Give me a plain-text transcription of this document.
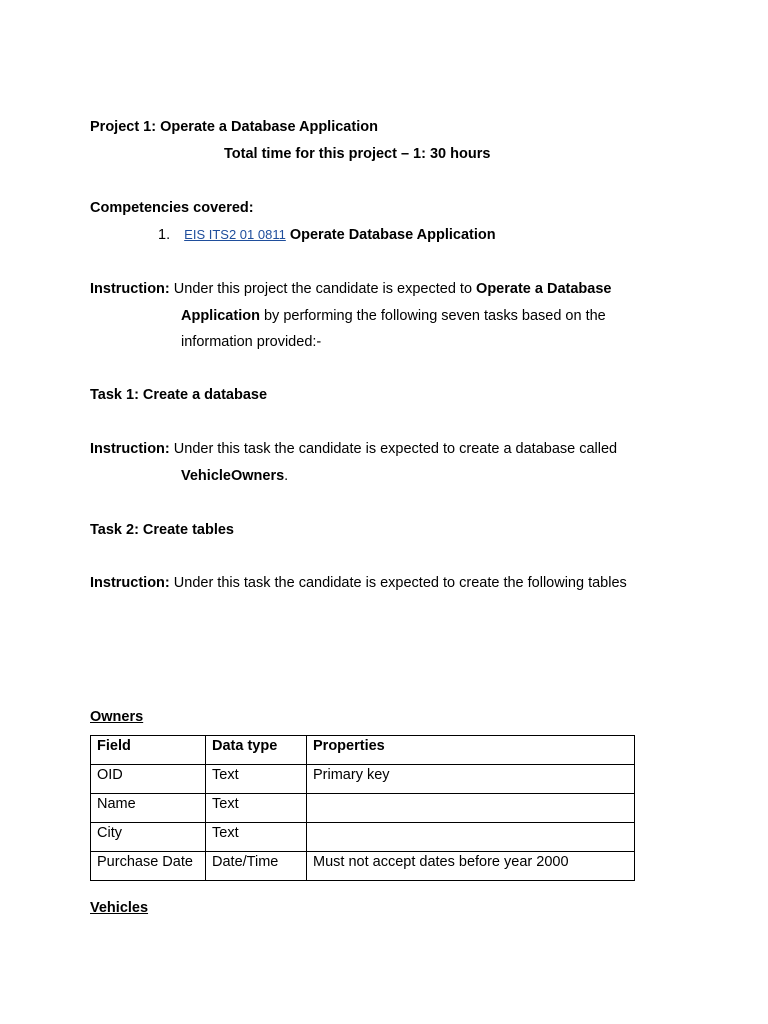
Project 1: Operate a Database Application
Total time for this project – 1: 30 hours
Competencies covered:
1. EIS ITS2 01 0811 Operate Database Application
Instruction: Under this project the candidate is expected to Operate a Database
Application by performing the following seven tasks based on the
information provided:-
Task 1: Create a database
Instruction: Under this task the candidate is expected to create a database called
VehicleOwners.
Task 2: Create tables
Instruction: Under this task the candidate is expected to create the following tables
Owners
Field	Data type	Properties
OID	Text	Primary key
Name	Text	
City	Text	
Purchase Date	Date/Time	Must not accept dates before year 2000
Vehicles
